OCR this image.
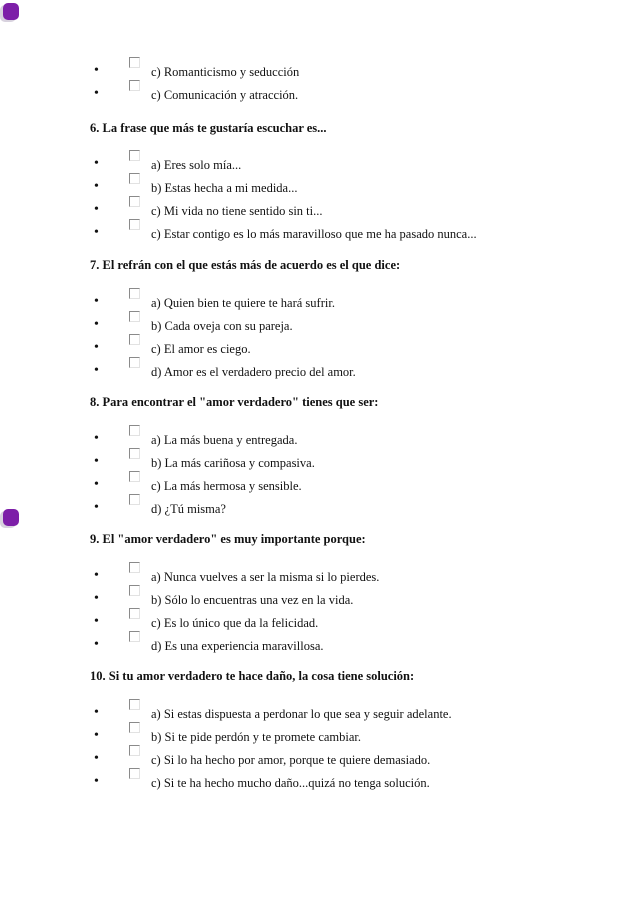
•	c) Romanticismo y seducción
•	c) Comunicación y atracción.
6. La frase que más te gustaría escuchar es...
•	a) Eres solo mía...
•	b) Estas hecha a mi medida...
•	c) Mi vida no tiene sentido sin ti...
•	c) Estar contigo es lo más maravilloso que me ha pasado nunca...
7. El refrán con el que estás más de acuerdo es el que dice:
•	a) Quien bien te quiere te hará sufrir.
•	b) Cada oveja con su pareja.
•	c) El amor es ciego.
•	d) Amor es el verdadero precio del amor.
8. Para encontrar el "amor verdadero" tienes que ser:
•	a) La más buena y entregada.
•	b) La más cariñosa y compasiva.
•	c) La más hermosa y sensible.
•	d) ¿Tú misma?
9. El "amor verdadero" es muy importante porque:
•	a) Nunca vuelves a ser la misma si lo pierdes.
•	b) Sólo lo encuentras una vez en la vida.
•	c) Es lo único que da la felicidad.
•	d) Es una experiencia maravillosa.
10. Si tu amor verdadero te hace daño, la cosa tiene solución:
•	a) Si estas dispuesta a perdonar lo que sea y seguir adelante.
•	b) Si te pide perdón y te promete cambiar.
•	c) Si lo ha hecho por amor, porque te quiere demasiado.
•	c) Si te ha hecho mucho daño...quizá no tenga solución.
